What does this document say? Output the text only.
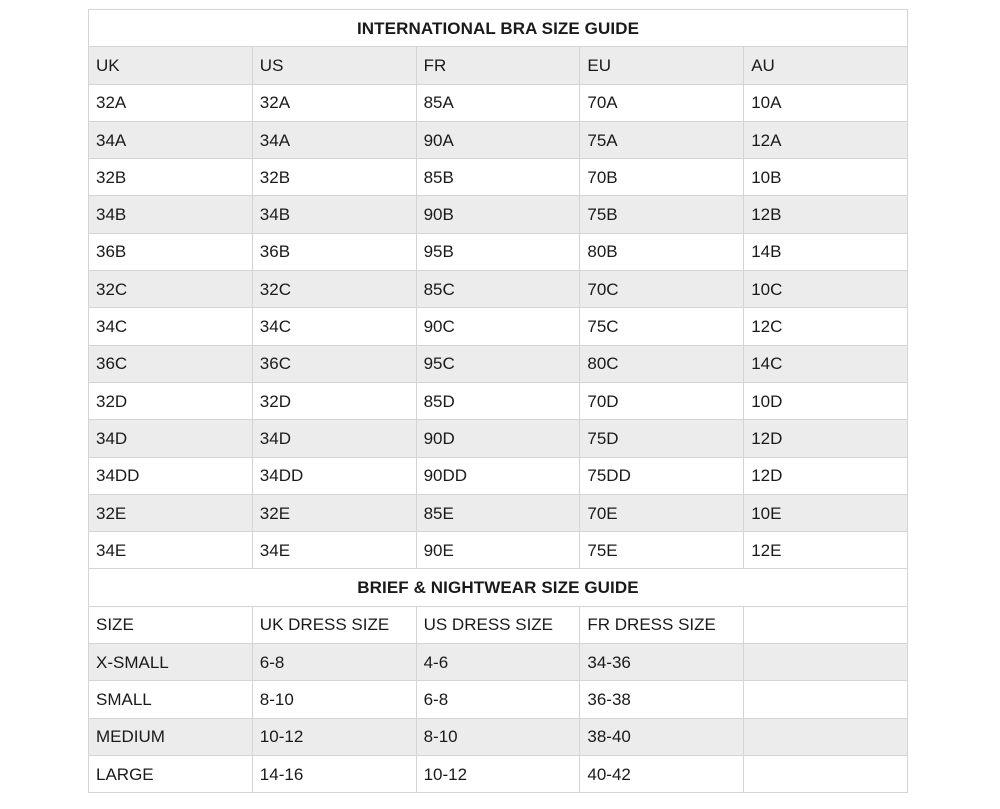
INTERNATIONAL BRA SIZE GUIDE				
UK	US	FR	EU	AU
32A	32A	85A	70A	10A
34A	34A	90A	75A	12A
32B	32B	85B	70B	10B
34B	34B	90B	75B	12B
36B	36B	95B	80B	14B
32C	32C	85C	70C	10C
34C	34C	90C	75C	12C
36C	36C	95C	80C	14C
32D	32D	85D	70D	10D
34D	34D	90D	75D	12D
34DD	34DD	90DD	75DD	12D
32E	32E	85E	70E	10E
34E	34E	90E	75E	12E
BRIEF & NIGHTWEAR SIZE GUIDE				
SIZE	UK DRESS SIZE	US DRESS SIZE	FR DRESS SIZE	
X-SMALL	6-8	4-6	34-36	
SMALL	8-10	6-8	36-38	
MEDIUM	10-12	8-10	38-40	
LARGE	14-16	10-12	40-42	
